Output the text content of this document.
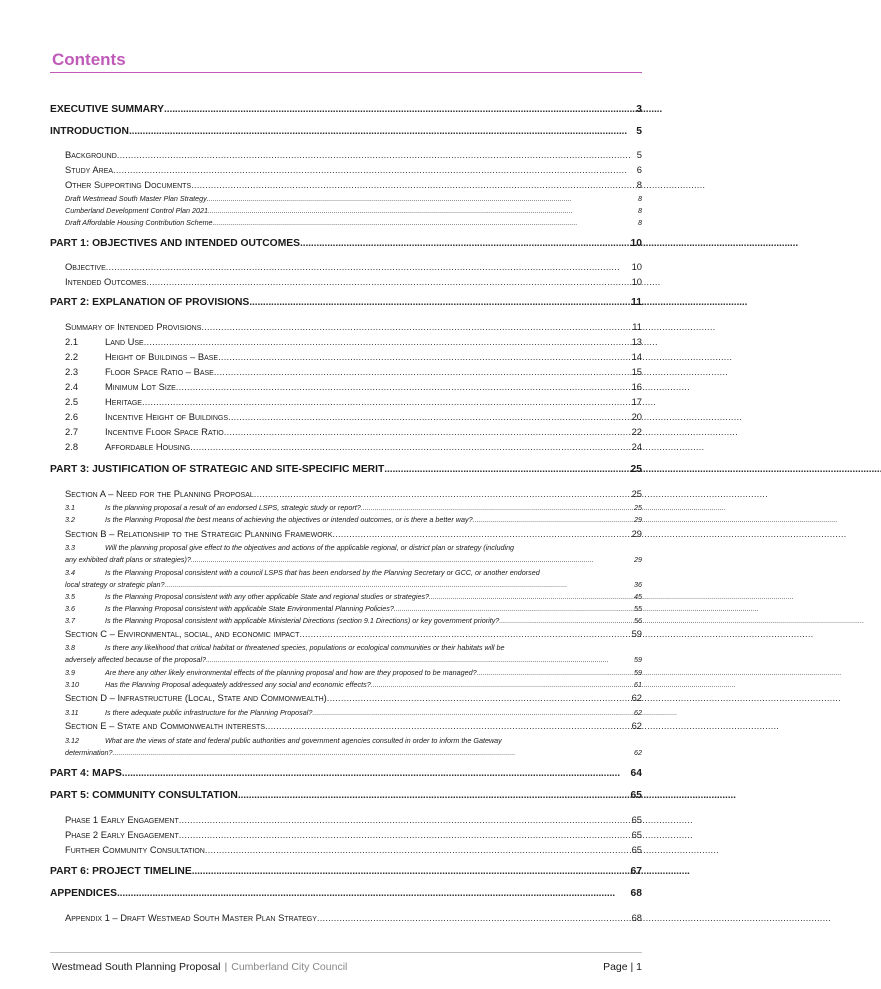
Contents
EXECUTIVE SUMMARY . . .	3
INTRODUCTION . . .	5
Background . . .	5
Study Area . . .	6
Other Supporting Documents . . .	8
Draft Westmead South Master Plan Strategy . . .	8
Cumberland Development Control Plan 2021 . . .	8
Draft Affordable Housing Contribution Scheme . . .	8
PART 1: OBJECTIVES AND INTENDED OUTCOMES . . .	10
Objective . . .	10
Intended Outcomes . . .	10
PART 2: EXPLANATION OF PROVISIONS . . .	11
Summary of Intended Provisions . . .	11
2.1	Land Use . . .	13
2.2	Height of Buildings – Base . . .	14
2.3	Floor Space Ratio – Base . . .	15
2.4	Minimum Lot Size . . .	16
2.5	Heritage . . .	17
2.6	Incentive Height of Buildings . . .	20
2.7	Incentive Floor Space Ratio . . .	22
2.8	Affordable Housing . . .	24
PART 3: JUSTIFICATION OF STRATEGIC AND SITE-SPECIFIC MERIT . . .	25
Section A – Need for the Planning Proposal . . .	25
3.1	Is the planning proposal a result of an endorsed LSPS, strategic study or report? . . .	25
3.2	Is the Planning Proposal the best means of achieving the objectives or intended outcomes, or is there a better way? . . .	29
Section B – Relationship to the Strategic Planning Framework . . .	29
3.3	Will the planning proposal give effect to the objectives and actions of the applicable regional, or district plan or strategy (including
any exhibited draft plans or strategies)? . . .	29
3.4	Is the Planning Proposal consistent with a council LSPS that has been endorsed by the Planning Secretary or GCC, or another endorsed
local strategy or strategic plan? . . .	36
3.5	Is the Planning Proposal consistent with any other applicable State and regional studies or strategies? . . .	45
3.6	Is the Planning Proposal consistent with applicable State Environmental Planning Policies? . . .	55
3.7	Is the Planning Proposal consistent with applicable Ministerial Directions (section 9.1 Directions) or key government priority? . . .	56
Section C – Environmental, social, and economic impact . . .	59
3.8	Is there any likelihood that critical habitat or threatened species, populations or ecological communities or their habitats will be
adversely affected because of the proposal? . . .	59
3.9	Are there any other likely environmental effects of the planning proposal and how are they proposed to be managed? . . .	59
3.10	Has the Planning Proposal adequately addressed any social and economic effects? . . .	61
Section D – Infrastructure (Local, State and Commonwealth) . . .	62
3.11	Is there adequate public infrastructure for the Planning Proposal? . . .	62
Section E – State and Commonwealth interests . . .	62
3.12	What are the views of state and federal public authorities and government agencies consulted in order to inform the Gateway
determination? . . .	62
PART 4: MAPS . . .	64
PART 5: COMMUNITY CONSULTATION . . .	65
Phase 1 Early Engagement . . .	65
Phase 2 Early Engagement . . .	65
Further Community Consultation . . .	65
PART 6: PROJECT TIMELINE . . .	67
APPENDICES . . .	68
Appendix 1 – Draft Westmead South Master Plan Strategy . . .	68
Westmead South Planning Proposal | Cumberland City Council	Page | 1
